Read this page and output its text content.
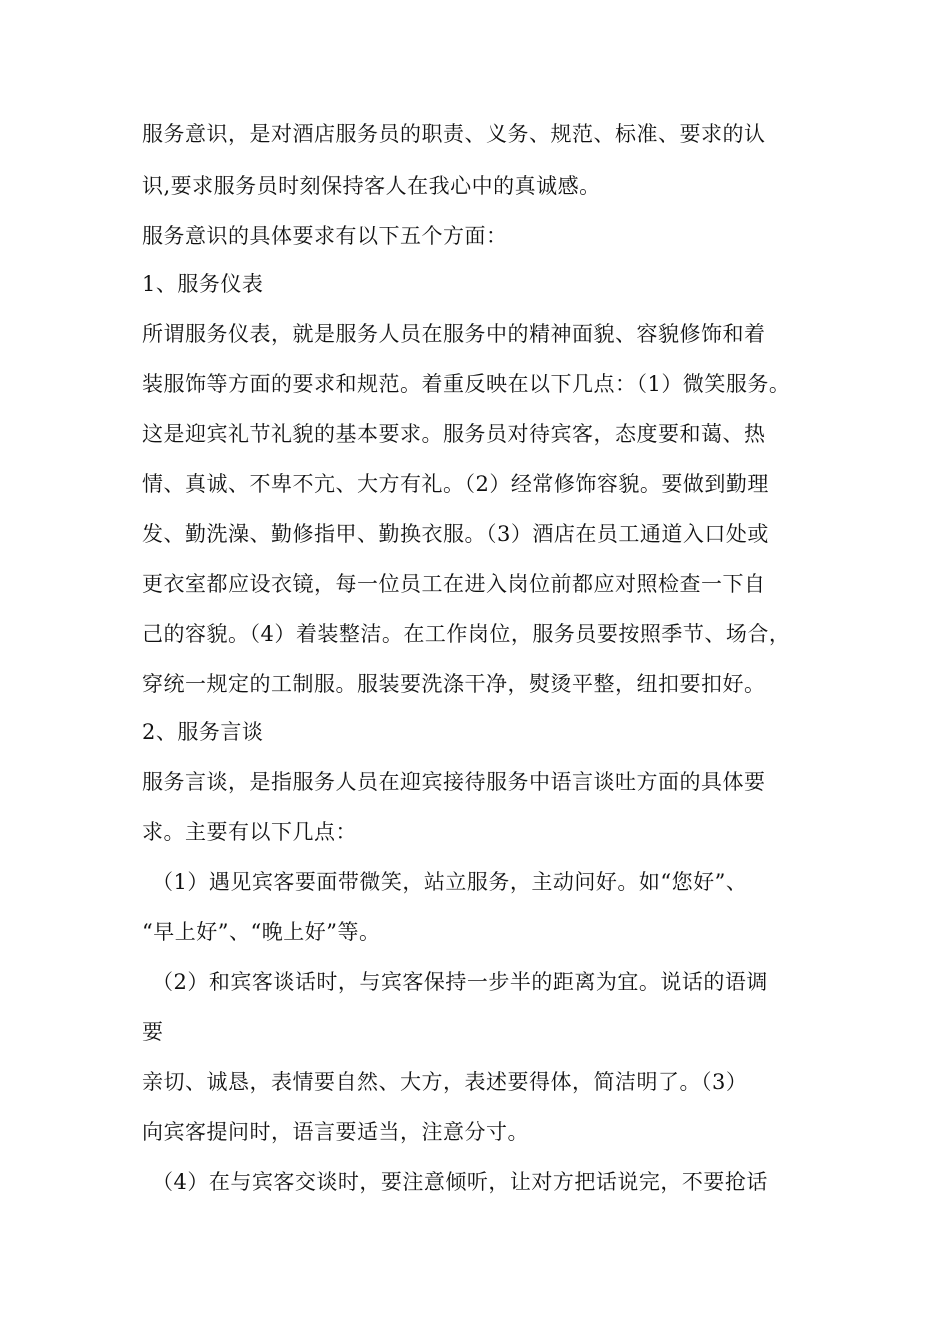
服务意识，是对酒店服务员的职责、义务、规范、标准、要求的认
识,要求服务员时刻保持客人在我心中的真诚感。
服务意识的具体要求有以下五个方面：
1、服务仪表
所谓服务仪表，就是服务人员在服务中的精神面貌、容貌修饰和着
装服饰等方面的要求和规范。着重反映在以下几点：（1）微笑服务。
这是迎宾礼节礼貌的基本要求。服务员对待宾客，态度要和蔼、热
情、真诚、不卑不亢、大方有礼。（2）经常修饰容貌。要做到勤理
发、勤洗澡、勤修指甲、勤换衣服。（3）酒店在员工通道入口处或
更衣室都应设衣镜，每一位员工在进入岗位前都应对照检查一下自
己的容貌。（4）着装整洁。在工作岗位，服务员要按照季节、场合，
穿统一规定的工制服。服装要洗涤干净，熨烫平整，纽扣要扣好。
2、服务言谈
服务言谈，是指服务人员在迎宾接待服务中语言谈吐方面的具体要
求。主要有以下几点：
（1）遇见宾客要面带微笑，站立服务，主动问好。如“您好”、
“早上好”、“晚上好”等。
（2）和宾客谈话时，与宾客保持一步半的距离为宜。说话的语调
要
亲切、诚恳，表情要自然、大方，表述要得体，简洁明了。（3）
向宾客提问时，语言要适当，注意分寸。
（4）在与宾客交谈时，要注意倾听，让对方把话说完，不要抢话
